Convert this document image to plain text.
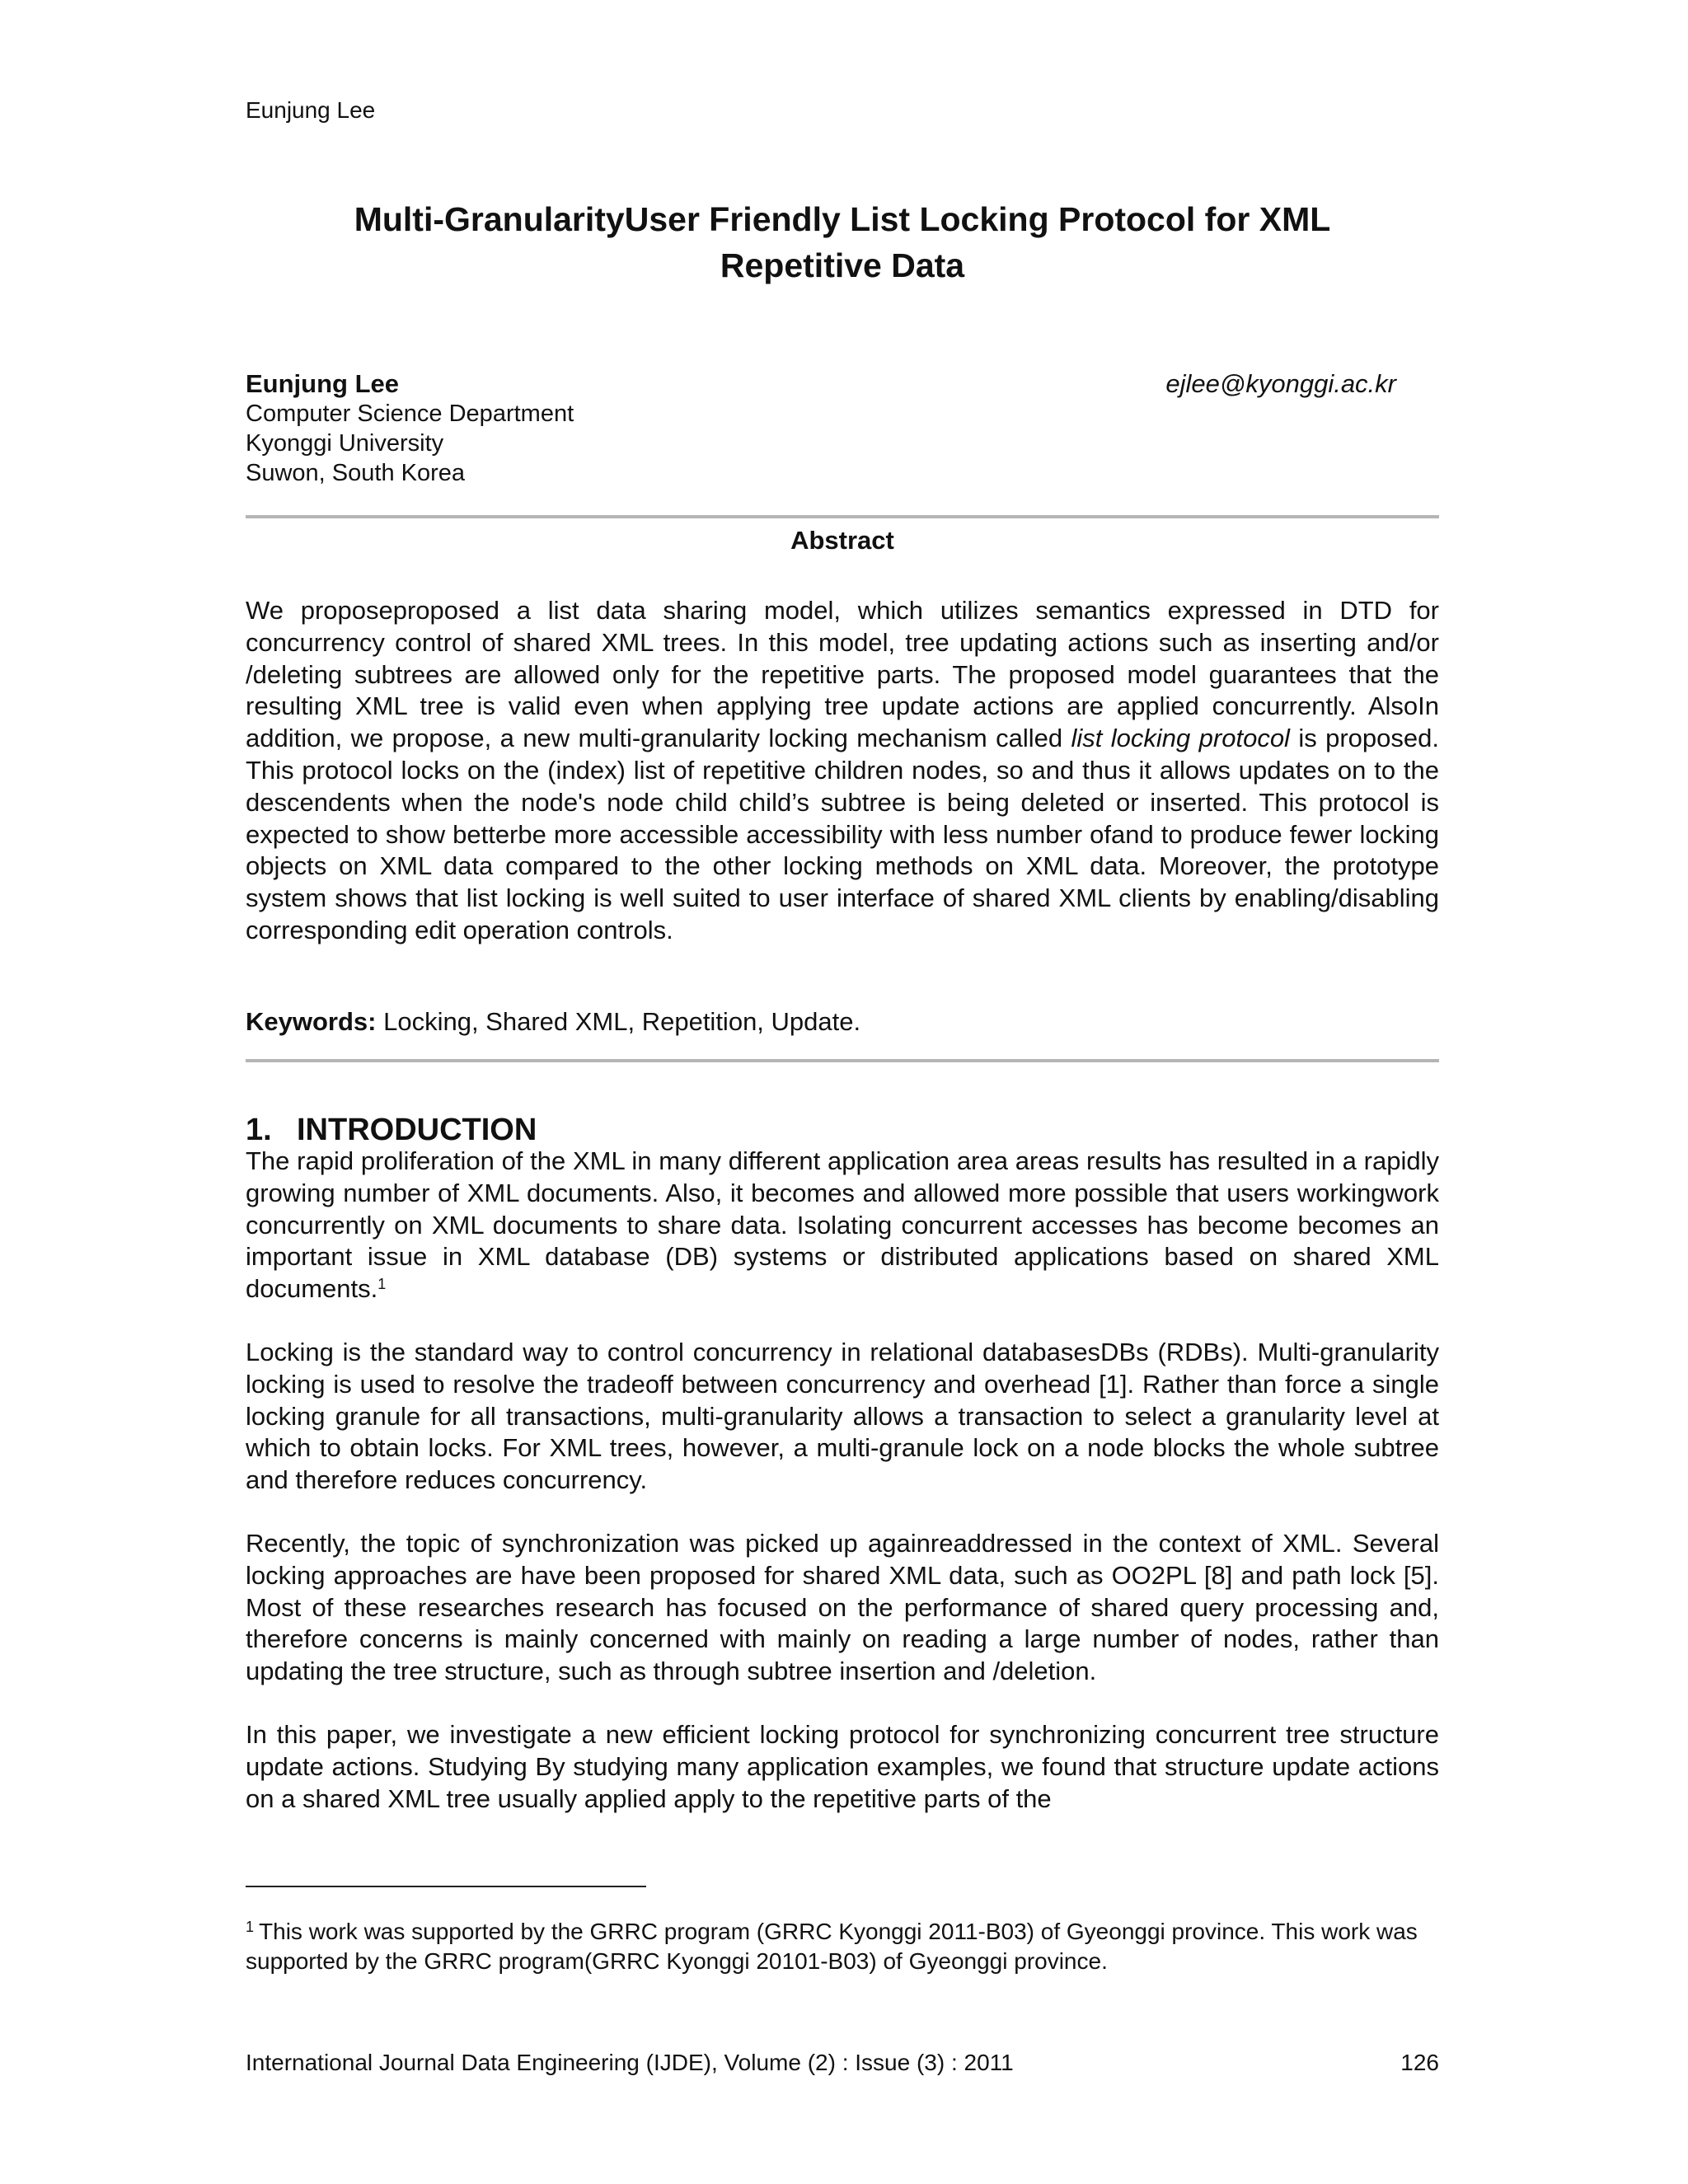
Eunjung Lee
Multi-GranularityUser Friendly List Locking Protocol for XML
Repetitive Data
Eunjung Lee	ejlee@kyonggi.ac.kr
Computer Science Department
Kyonggi University
Suwon, South Korea
Abstract

We proposeproposed a list data sharing model, which utilizes semantics expressed in DTD for concurrency control of shared XML trees. In this model, tree updating actions such as inserting and/or /deleting subtrees are allowed only for the repetitive parts. The proposed model guarantees that the resulting XML tree is valid even when applying tree update actions are applied concurrently. AlsoIn addition, we propose, a new multi-granularity locking mechanism called list locking protocol is proposed. This protocol locks on the (index) list of repetitive children nodes, so and thus it allows updates on to the descendents when the node's node child child’s subtree is being deleted or inserted. This protocol is expected to show betterbe more accessible accessibility with less number ofand to produce fewer locking objects on XML data compared to the other locking methods on XML data. Moreover, the prototype system shows that list locking is well suited to user interface of shared XML clients by enabling/disabling corresponding edit operation controls.

Keywords: Locking, Shared XML, Repetition, Update.
1. INTRODUCTION

The rapid proliferation of the XML in many different application area areas results has resulted in a rapidly growing number of XML documents. Also, it becomes and allowed more possible that users workingwork concurrently on XML documents to share data. Isolating concurrent accesses has become becomes an important issue in XML database (DB) systems or distributed applications based on shared XML documents.$^1$

Locking is the standard way to control concurrency in relational databasesDBs (RDBs). Multi-granularity locking is used to resolve the tradeoff between concurrency and overhead [1]. Rather than force a single locking granule for all transactions, multi-granularity allows a transaction to select a granularity level at which to obtain locks. For XML trees, however, a multi-granule lock on a node blocks the whole subtree and therefore reduces concurrency.

Recently, the topic of synchronization was picked up againreaddressed in the context of XML. Several locking approaches are have been proposed for shared XML data, such as OO2PL [8] and path lock [5]. Most of these researches research has focused on the performance of shared query processing and, therefore concerns is mainly concerned with mainly on reading a large number of nodes, rather than updating the tree structure, such as through subtree insertion and /deletion.

In this paper, we investigate a new efficient locking protocol for synchronizing concurrent tree structure update actions. Studying By studying many application examples, we found that structure update actions on a shared XML tree usually applied apply to the repetitive parts of the

$^1$ This work was supported by the GRRC program (GRRC Kyonggi 2011-B03) of Gyeonggi province. This work was supported by the GRRC program(GRRC Kyonggi 20101-B03) of Gyeonggi province.
International Journal Data Engineering (IJDE), Volume (2) : Issue (3) : 2011	126
